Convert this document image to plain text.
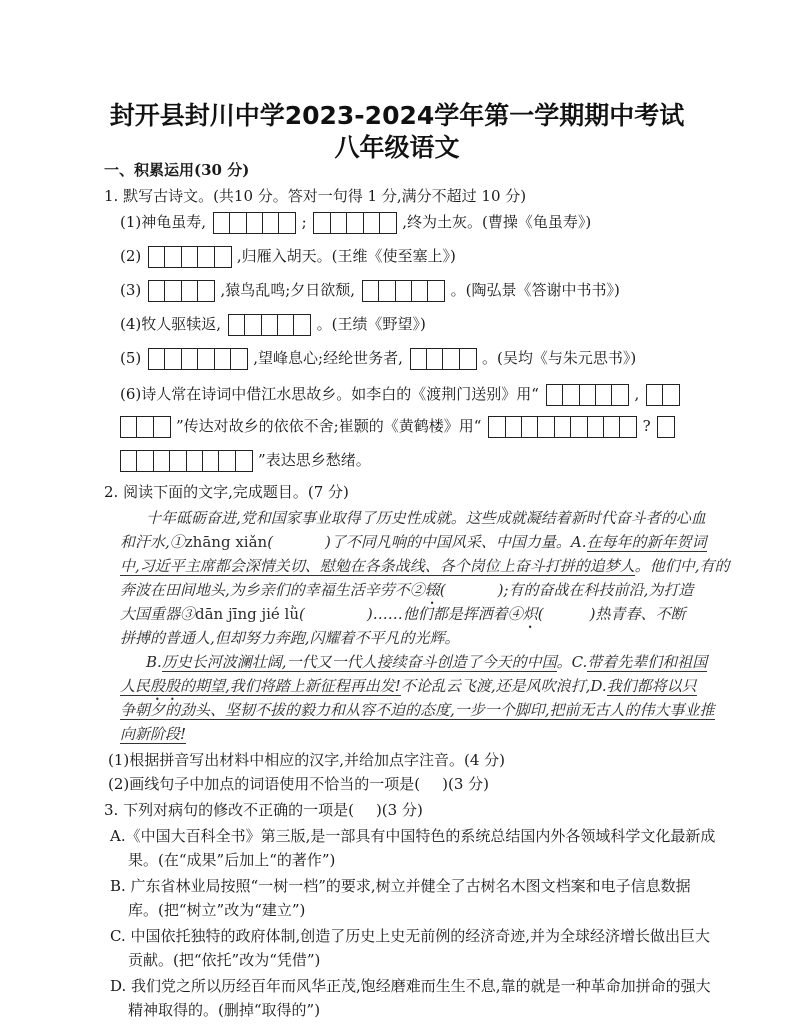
封开县封川中学2023-2024学年第一学期期中考试
八年级语文
一、积累运用(30 分)
1. 默写古诗文。(共10 分。答对一句得 1 分,满分不超过 10 分)
(1)神龟虽寿,	;	,终为土灰。(曹操《龟虽寿》)
(2)	,归雁入胡天。(王维《使至塞上》)
(3)	,猿鸟乱鸣;夕日欲颓,	。(陶弘景《答谢中书书》)
(4)牧人驱犊返,	。(王绩《野望》)
(5)	,望峰息心;经纶世务者,	。(吴均《与朱元思书》)
(6)诗人常在诗词中借江水思故乡。如李白的《渡荆门送别》用“	,
”传达对故乡的依依不舍;崔颢的《黄鹤楼》用“	?
”表达思乡愁绪。
2. 阅读下面的文字,完成题目。(7 分)
十年砥砺奋进,党和国家事业取得了历史性成就。这些成就凝结着新时代奋斗者的心血
和汗水,①zhāng xiǎn(	)了不同凡响的中国风采、中国力量。A.在每年的新年贺词
中,习近平主席都会深情关切、慰勉在各条战线、各个岗位上奋斗打拼的追梦人。他们中,有的
奔波在田间地头,为乡亲们的幸福生活辛劳不②辍(	);有的奋战在科技前沿,为打造
大国重器③dān jīng jié lǜ(	)……他们都是挥洒着④炽(	)热青春、不断
拼搏的普通人,但却努力奔跑,闪耀着不平凡的光辉。
B.历史长河波澜壮阔,一代又一代人接续奋斗创造了今天的中国。C.带着先辈们和祖国
人民殷殷的期望,我们将踏上新征程再出发!不论乱云飞渡,还是风吹浪打,D.我们都将以只
争朝夕的劲头、坚韧不拔的毅力和从容不迫的态度,一步一个脚印,把前无古人的伟大事业推
向新阶段!
(1)根据拼音写出材料中相应的汉字,并给加点字注音。(4 分)
(2)画线句子中加点的词语使用不恰当的一项是( )(3 分)
3. 下列对病句的修改不正确的一项是( )(3 分)
A.《中国大百科全书》第三版,是一部具有中国特色的系统总结国内外各领域科学文化最新成
果。(在“成果”后加上“的著作”)
B. 广东省林业局按照“一树一档”的要求,树立并健全了古树名木图文档案和电子信息数据
库。(把“树立”改为“建立”)
C. 中国依托独特的政府体制,创造了历史上史无前例的经济奇迹,并为全球经济增长做出巨大
贡献。(把“依托”改为“凭借”)
D. 我们党之所以历经百年而风华正茂,饱经磨难而生生不息,靠的就是一种革命加拼命的强大
精神取得的。(删掉“取得的”)
